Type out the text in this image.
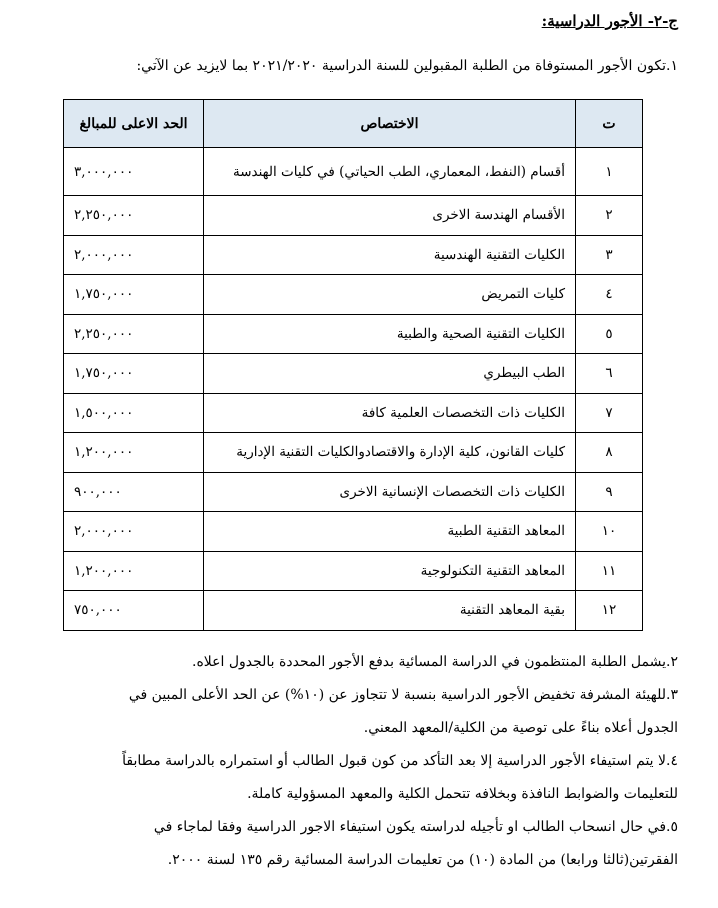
ج-٢- الأجور الدراسية:
١.تكون الأجور المستوفاة من الطلبة المقبولين للسنة الدراسية ٢٠٢١/٢٠٢٠ بما لايزيد عن الآتي:
ت	الاختصاص	الحد الاعلى للمبالغ
١	أقسام (النفط، المعماري، الطب الحياتي) في كليات الهندسة	٣,٠٠٠,٠٠٠
٢	الأقسام الهندسة الاخرى	٢,٢٥٠,٠٠٠
٣	الكليات التقنية الهندسية	٢,٠٠٠,٠٠٠
٤	كليات التمريض	١,٧٥٠,٠٠٠
٥	الكليات التقنية الصحية والطبية	٢,٢٥٠,٠٠٠
٦	الطب البيطري	١,٧٥٠,٠٠٠
٧	الكليات ذات التخصصات العلمية كافة	١,٥٠٠,٠٠٠
٨	كليات القانون، كلية الإدارة والاقتصادوالكليات التقنية الإدارية	١,٢٠٠,٠٠٠
٩	الكليات ذات التخصصات الإنسانية الاخرى	٩٠٠,٠٠٠
١٠	المعاهد التقنية الطبية	٢,٠٠٠,٠٠٠
١١	المعاهد التقنية التكنولوجية	١,٢٠٠,٠٠٠
١٢	بقية المعاهد التقنية	٧٥٠,٠٠٠
٢.يشمل الطلبة المنتظمون في الدراسة المسائية بدفع الأجور المحددة بالجدول اعلاه.
٣.للهيئة المشرفة تخفيض الأجور الدراسية بنسبة لا تتجاوز عن (١٠%) عن الحد الأعلى المبين في
الجدول أعلاه بناءً على توصية من الكلية/المعهد المعني.
٤.لا يتم استيفاء الأجور الدراسية إلا بعد التأكد من كون قبول الطالب أو استمراره بالدراسة مطابقاً
للتعليمات والضوابط النافذة وبخلافه تتحمل الكلية والمعهد المسؤولية كاملة.
٥.في حال انسحاب الطالب او تأجيله لدراسته يكون استيفاء الاجور الدراسية وفقا لماجاء في
الفقرتين(ثالثا ورابعا) من المادة (١٠) من تعليمات الدراسة المسائية رقم ١٣٥ لسنة ٢٠٠٠.
